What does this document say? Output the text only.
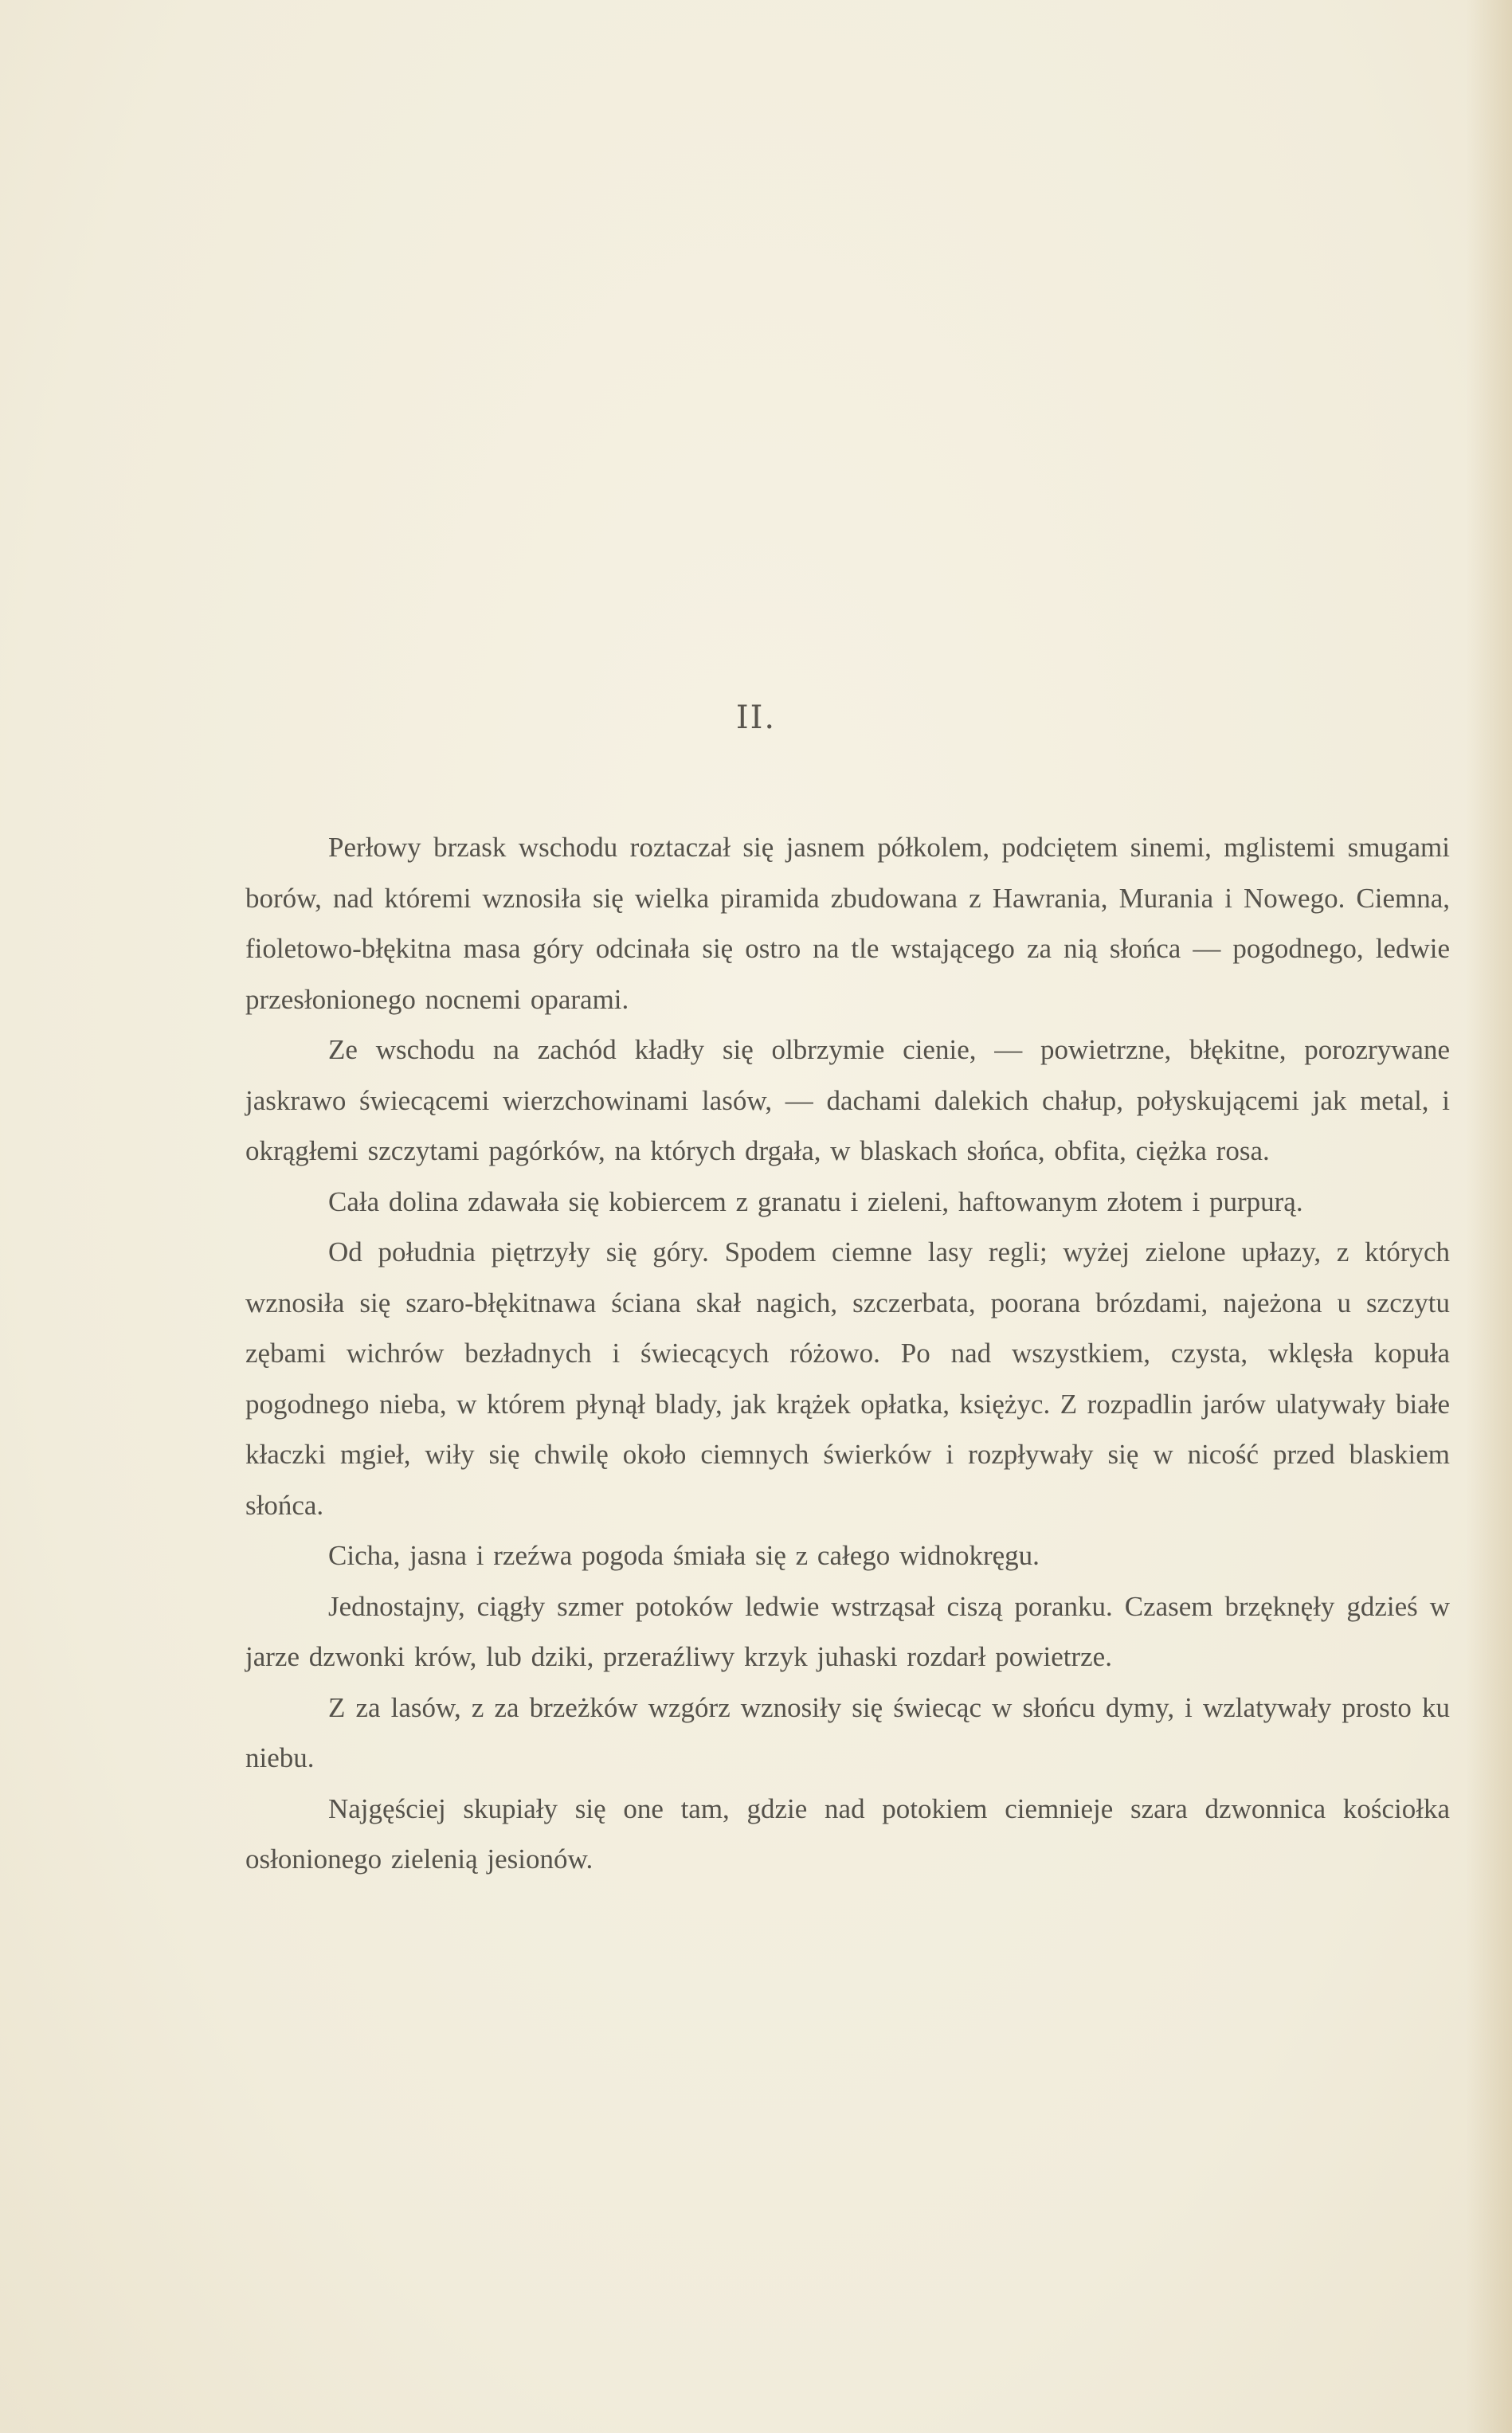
II.

Perłowy brzask wschodu roztaczał się jasnem półkolem, podciętem sinemi, mglistemi smugami borów, nad któremi wznosiła się wielka piramida zbudowana z Hawrania, Murania i Nowego. Ciemna, fioletowo-błękitna masa góry odcinała się ostro na tle wstającego za nią słońca — pogodnego, ledwie przesłonionego nocnemi oparami.

Ze wschodu na zachód kładły się olbrzymie cienie, — powietrzne, błękitne, porozrywane jaskrawo świecącemi wierzchowinami lasów, — dachami dalekich chałup, połyskującemi jak metal, i okrągłemi szczytami pagórków, na których drgała, w blaskach słońca, obfita, ciężka rosa.

Cała dolina zdawała się kobiercem z granatu i zieleni, haftowanym złotem i purpurą.

Od południa piętrzyły się góry. Spodem ciemne lasy regli; wyżej zielone upłazy, z których wznosiła się szaro-błękitnawa ściana skał nagich, szczerbata, poorana brózdami, najeżona u szczytu zębami wichrów bezładnych i świecących różowo. Po nad wszystkiem, czysta, wklęsła kopuła pogodnego nieba, w którem płynął blady, jak krążek opłatka, księżyc. Z rozpadlin jarów ulatywały białe kłaczki mgieł, wiły się chwilę około ciemnych świerków i rozpływały się w nicość przed blaskiem słońca.

Cicha, jasna i rzeźwa pogoda śmiała się z całego widnokręgu.

Jednostajny, ciągły szmer potoków ledwie wstrząsał ciszą poranku. Czasem brzęknęły gdzieś w jarze dzwonki krów, lub dziki, przeraźliwy krzyk juhaski rozdarł powietrze.

Z za lasów, z za brzeżków wzgórz wznosiły się świecąc w słońcu dymy, i wzlatywały prosto ku niebu.

Najgęściej skupiały się one tam, gdzie nad potokiem ciemnieje szara dzwonnica kościołka osłonionego zielenią jesionów.
